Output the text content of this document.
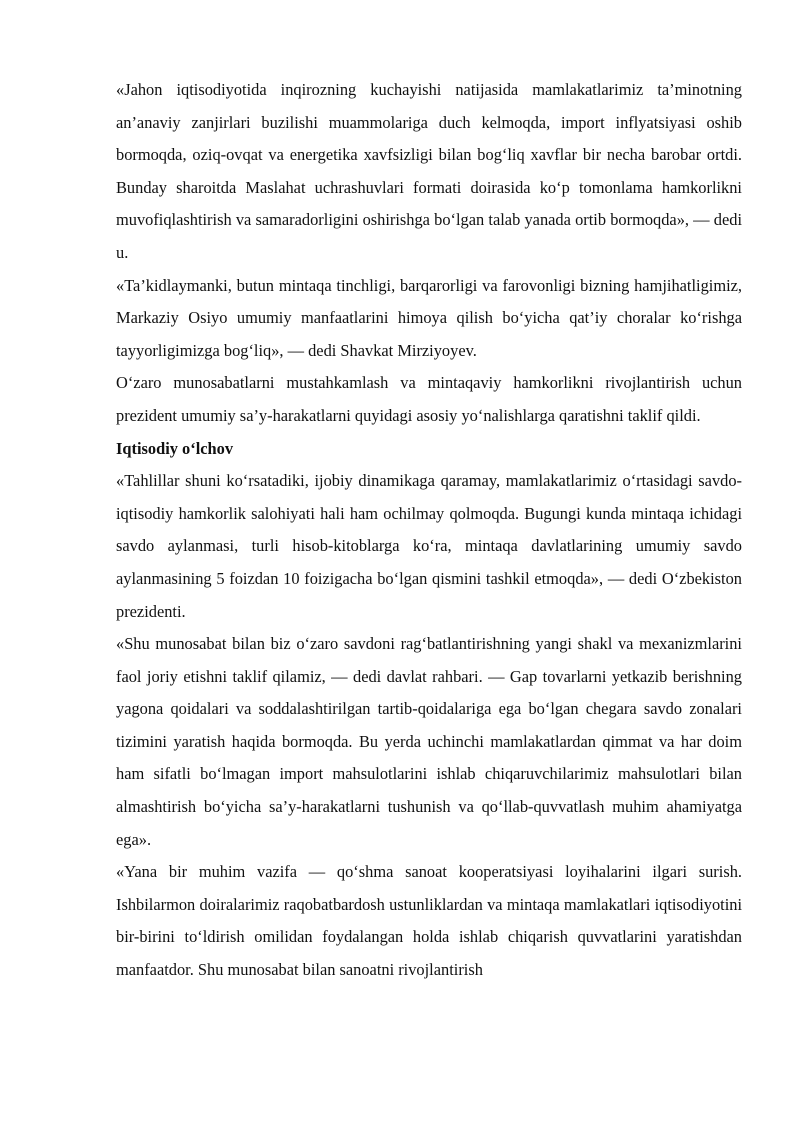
«Jahon iqtisodiyotida inqirozning kuchayishi natijasida mamlakatlarimiz ta’minotning an’anaviy zanjirlari buzilishi muammolariga duch kelmoqda, import inflyatsiyasi oshib bormoqda, oziq-ovqat va energetika xavfsizligi bilan bog‘liq xavflar bir necha barobar ortdi. Bunday sharoitda Maslahat uchrashuvlari formati doirasida ko‘p tomonlama hamkorlikni muvofiqlashtirish va samaradorligini oshirishga bo‘lgan talab yanada ortib bormoqda», — dedi u.

«Ta’kidlaymanki, butun mintaqa tinchligi, barqarorligi va farovonligi bizning hamjihatligimiz, Markaziy Osiyo umumiy manfaatlarini himoya qilish bo‘yicha qat’iy choralar ko‘rishga tayyorligimizga bog‘liq», — dedi Shavkat Mirziyoyev.

O‘zaro munosabatlarni mustahkamlash va mintaqaviy hamkorlikni rivojlantirish uchun prezident umumiy sa’y-harakatlarni quyidagi asosiy yo‘nalishlarga qaratishni taklif qildi.

Iqtisodiy o‘lchov

«Tahlillar shuni ko‘rsatadiki, ijobiy dinamikaga qaramay, mamlakatlarimiz o‘rtasidagi savdo-iqtisodiy hamkorlik salohiyati hali ham ochilmay qolmoqda. Bugungi kunda mintaqa ichidagi savdo aylanmasi, turli hisob-kitoblarga ko‘ra, mintaqa davlatlarining umumiy savdo aylanmasining 5 foizdan 10 foizigacha bo‘lgan qismini tashkil etmoqda», — dedi O‘zbekiston prezidenti.

«Shu munosabat bilan biz o‘zaro savdoni rag‘batlantirishning yangi shakl va mexanizmlarini faol joriy etishni taklif qilamiz, — dedi davlat rahbari. — Gap tovarlarni yetkazib berishning yagona qoidalari va soddalashtirilgan tartib-qoidalariga ega bo‘lgan chegara savdo zonalari tizimini yaratish haqida bormoqda. Bu yerda uchinchi mamlakatlardan qimmat va har doim ham sifatli bo‘lmagan import mahsulotlarini ishlab chiqaruvchilarimiz mahsulotlari bilan almashtirish bo‘yicha sa’y-harakatlarni tushunish va qo‘llab-quvvatlash muhim ahamiyatga ega».

«Yana bir muhim vazifa — qo‘shma sanoat kooperatsiyasi loyihalarini ilgari surish. Ishbilarmon doiralarimiz raqobatbardosh ustunliklardan va mintaqa mamlakatlari iqtisodiyotini bir-birini to‘ldirish omilidan foydalangan holda ishlab chiqarish quvvatlarini yaratishdan manfaatdor. Shu munosabat bilan sanoatni rivojlantirish
